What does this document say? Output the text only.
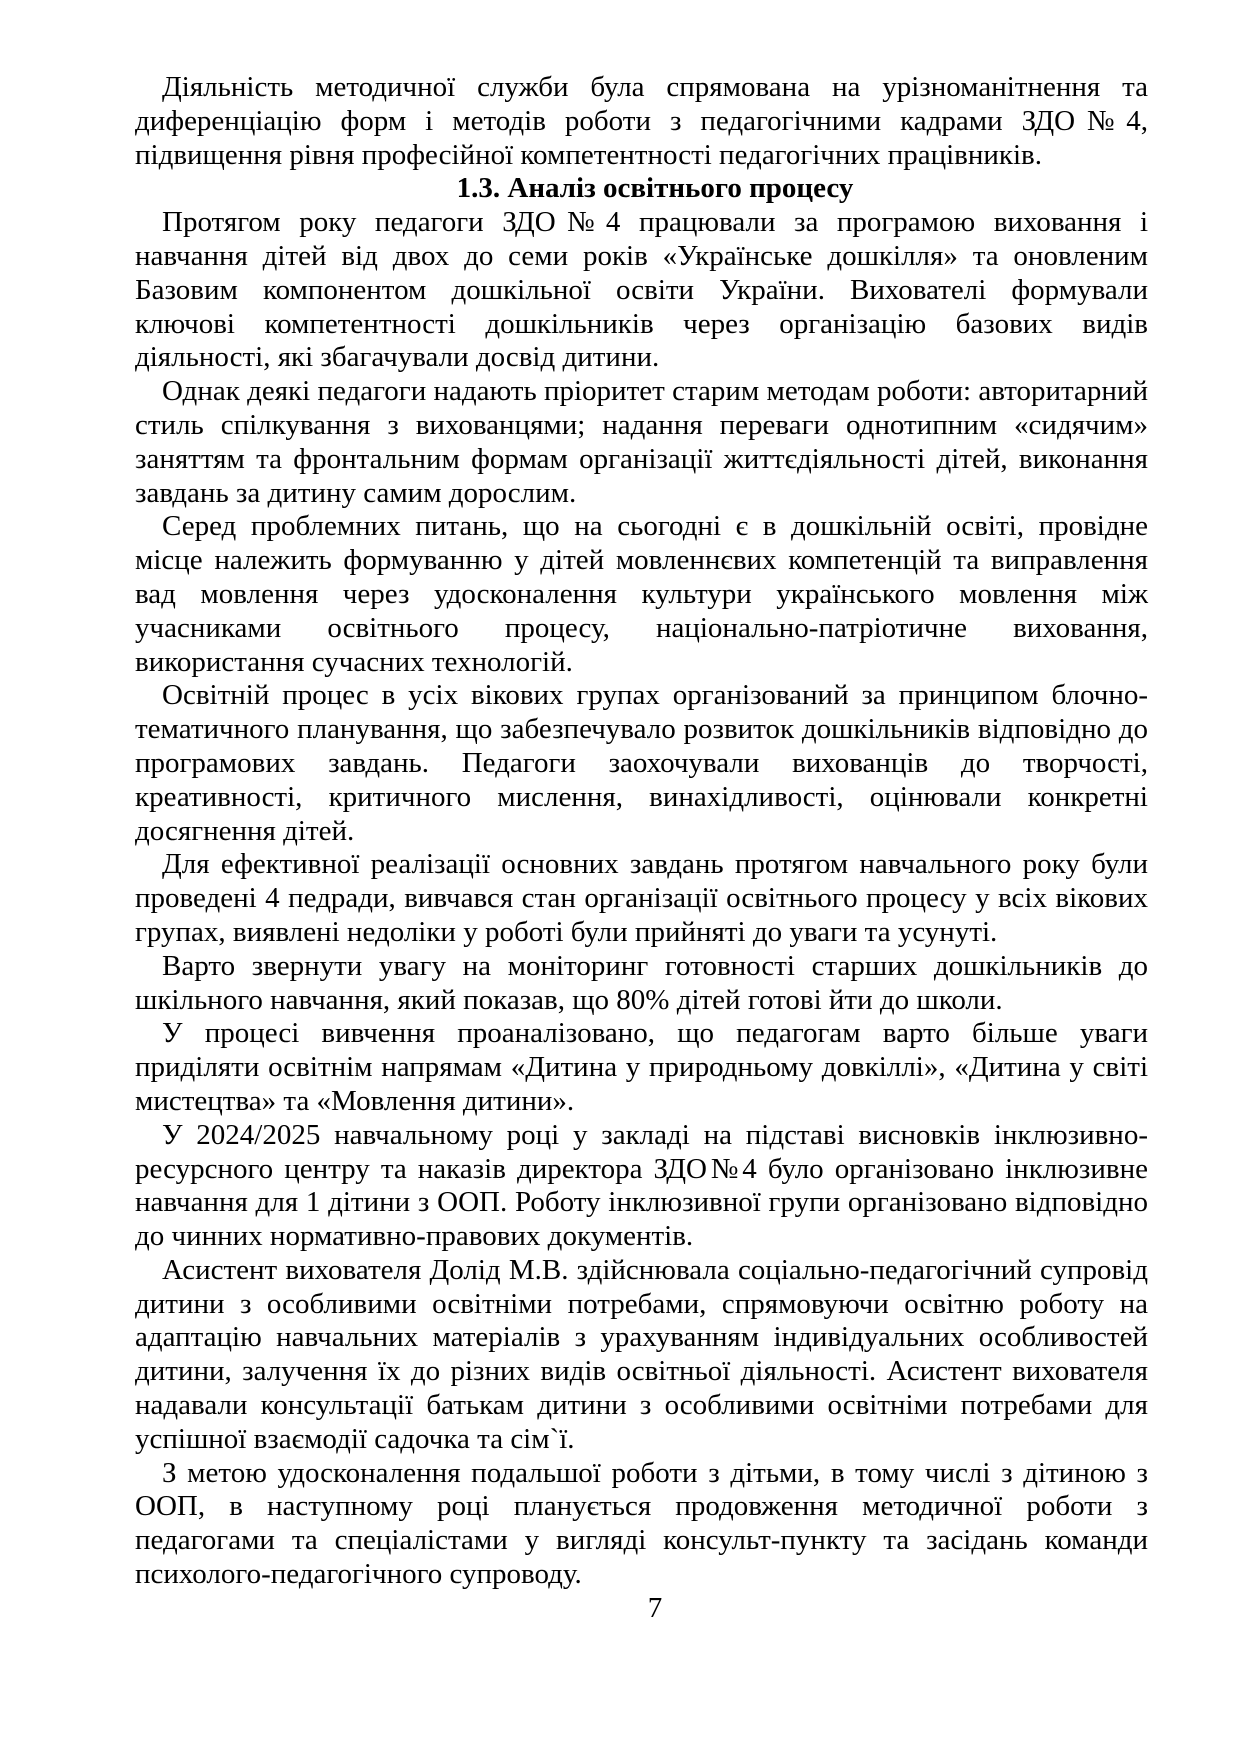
Діяльність методичної служби була спрямована на урізноманітнення та диференціацію форм і методів роботи з педагогічними кадрами ЗДО№4, підвищення рівня професійної компетентності педагогічних працівників.

1.3. Аналіз освітнього процесу

Протягом року педагоги ЗДО№4 працювали за програмою виховання і навчання дітей від двох до семи років «Українське дошкілля» та оновленим Базовим компонентом дошкільної освіти України. Вихователі формували ключові компетентності дошкільників через організацію базових видів діяльності, які збагачували досвід дитини.

Однак деякі педагоги надають пріоритет старим методам роботи: авторитарний стиль спілкування з вихованцями; надання переваги однотипним «сидячим» заняттям та фронтальним формам організації життєдіяльності дітей, виконання завдань за дитину самим дорослим.

Серед проблемних питань, що на сьогодні є в дошкільній освіті, провідне місце належить формуванню у дітей мовленнєвих компетенцій та виправлення вад мовлення через удосконалення культури українського мовлення між учасниками освітнього процесу, національно-патріотичне виховання, використання сучасних технологій.

Освітній процес в усіх вікових групах організований за принципом блочно-тематичного планування, що забезпечувало розвиток дошкільників відповідно до програмових завдань. Педагоги заохочували вихованців до творчості, креативності, критичного мислення, винахідливості, оцінювали конкретні досягнення дітей.

Для ефективної реалізації основних завдань протягом навчального року були проведені 4 педради, вивчався стан організації освітнього процесу у всіх вікових групах, виявлені недоліки у роботі були прийняті до уваги та усунуті.

Варто звернути увагу на моніторинг готовності старших дошкільників до шкільного навчання, який показав, що 80% дітей готові йти до школи.

У процесі вивчення проаналізовано, що педагогам варто більше уваги приділяти освітнім напрямам «Дитина у природньому довкіллі», «Дитина у світі мистецтва» та «Мовлення дитини».

У 2024/2025 навчальному році у закладі на підставі висновків інклюзивно-ресурсного центру та наказів директора ЗДО№4 було організовано інклюзивне навчання для 1 дітини з ООП. Роботу інклюзивної групи організовано відповідно до чинних нормативно-правових документів.

Асистент вихователя Долід М.В. здійснювала соціально-педагогічний супровід дитини з особливими освітніми потребами, спрямовуючи освітню роботу на адаптацію навчальних матеріалів з урахуванням індивідуальних особливостей дитини, залучення їх до різних видів освітньої діяльності. Асистент вихователя надавали консультації батькам дитини з особливими освітніми потребами для успішної взаємодії садочка та сім`ї.

З метою удосконалення подальшої роботи з дітьми, в тому числі з дітиною з ООП, в наступному році планується продовження методичної роботи з педагогами та спеціалістами у вигляді консульт-пункту та засідань команди психолого-педагогічного супроводу.

7
